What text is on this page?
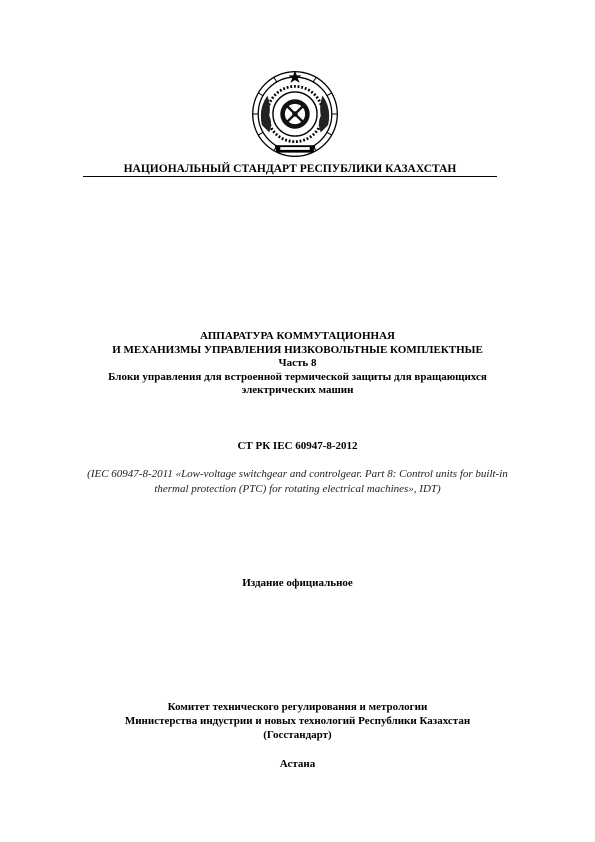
НАЦИОНАЛЬНЫЙ СТАНДАРТ РЕСПУБЛИКИ КАЗАХСТАН
АППАРАТУРА КОММУТАЦИОННАЯ
И МЕХАНИЗМЫ УПРАВЛЕНИЯ НИЗКОВОЛЬТНЫЕ КОМПЛЕКТНЫЕ
Часть 8
Блоки управления для встроенной термической защиты для вращающихся
электрических машин
СТ РК IEC 60947-8-2012
(IEC 60947-8-2011 «Low-voltage switchgear and controlgear. Part 8: Control units for built-in
thermal protection (PTC) for rotating electrical machines», IDT)
Издание официальное
Комитет технического регулирования и метрологии
Министерства индустрии и новых технологий Республики Казахстан
(Госстандарт)
Астана
